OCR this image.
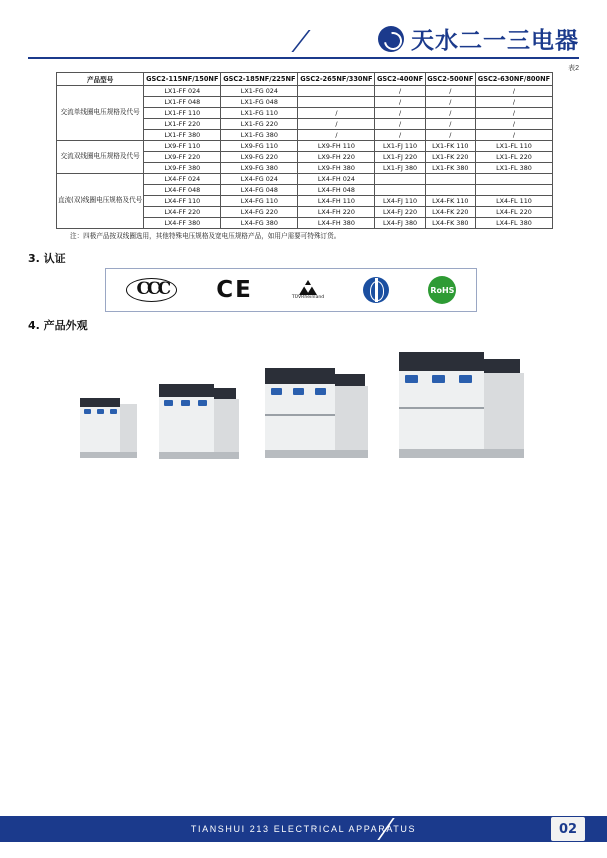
天水二一三电器
表2
产品型号	GSC2-115NF/150NF	GSC2-185NF/225NF	GSC2-265NF/330NF	GSC2-400NF	GSC2-500NF	GSC2-630NF/800NF
交流单线圈电压规格及代号	LX1-FF 024	LX1-FG 024		/	/	/
	LX1-FF 048	LX1-FG 048		/	/	/
	LX1-FF 110	LX1-FG 110	/	/	/	/
	LX1-FF 220	LX1-FG 220	/	/	/	/
	LX1-FF 380	LX1-FG 380	/	/	/	/
交流双线圈电压规格及代号	LX9-FF 110	LX9-FG 110	LX9-FH 110	LX1-FJ 110	LX1-FK 110	LX1-FL 110
	LX9-FF 220	LX9-FG 220	LX9-FH 220	LX1-FJ 220	LX1-FK 220	LX1-FL 220
	LX9-FF 380	LX9-FG 380	LX9-FH 380	LX1-FJ 380	LX1-FK 380	LX1-FL 380
直流(双)线圈电压规格及代号	LX4-FF 024	LX4-FG 024	LX4-FH 024			
	LX4-FF 048	LX4-FG 048	LX4-FH 048			
	LX4-FF 110	LX4-FG 110	LX4-FH 110	LX4-FJ 110	LX4-FK 110	LX4-FL 110
	LX4-FF 220	LX4-FG 220	LX4-FH 220	LX4-FJ 220	LX4-FK 220	LX4-FL 220
	LX4-FF 380	LX4-FG 380	LX4-FH 380	LX4-FJ 380	LX4-FK 380	LX4-FL 380
注：四极产品按双线圈选用，其他特殊电压规格及宽电压规格产品，如用户需要可特殊订货。
3. 认证
CCC	CE	TÜVRheinland
RoHS
4. 产品外观
TIANSHUI 213 ELECTRICAL APPARATUS	02
